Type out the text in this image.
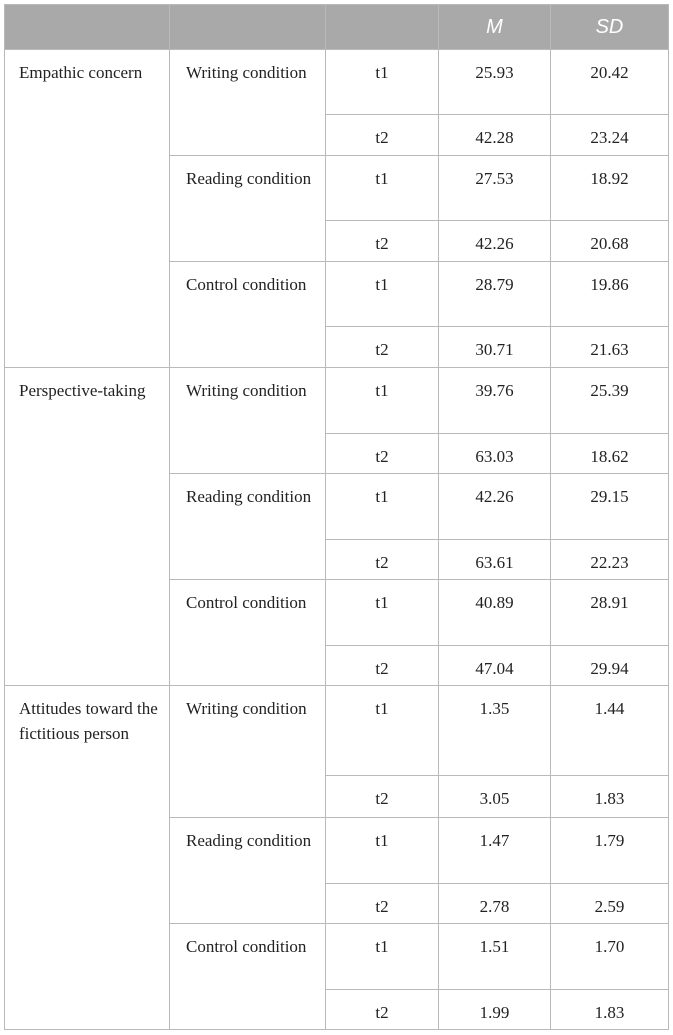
			M	SD
Empathic concern	Writing condition	t1	25.93	20.42
		t2	42.28	23.24
	Reading condition	t1	27.53	18.92
		t2	42.26	20.68
	Control condition	t1	28.79	19.86
		t2	30.71	21.63
Perspective-taking	Writing condition	t1	39.76	25.39
		t2	63.03	18.62
	Reading condition	t1	42.26	29.15
		t2	63.61	22.23
	Control condition	t1	40.89	28.91
		t2	47.04	29.94
Attitudes toward the fictitious person	Writing condition	t1	1.35	1.44
		t2	3.05	1.83
	Reading condition	t1	1.47	1.79
		t2	2.78	2.59
	Control condition	t1	1.51	1.70
		t2	1.99	1.83
